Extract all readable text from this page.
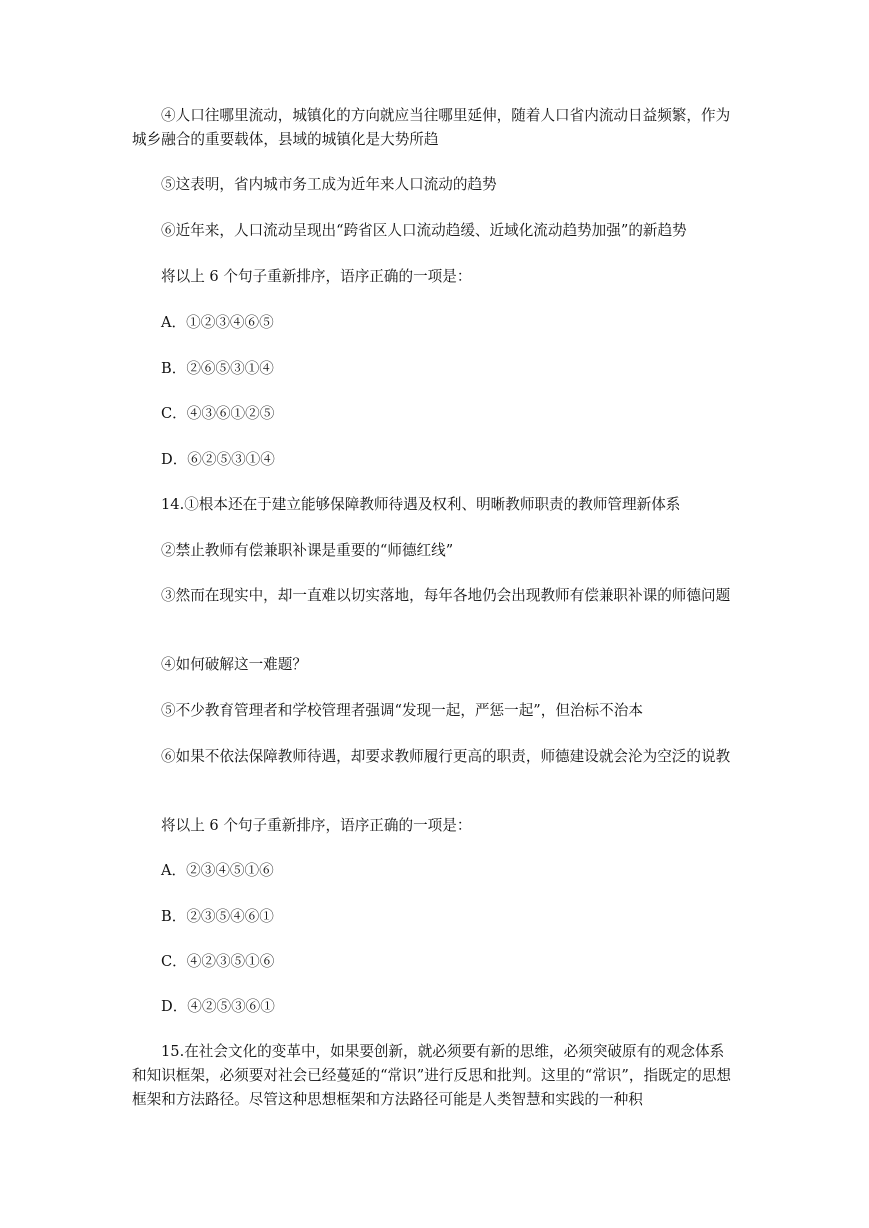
④人口往哪里流动，城镇化的方向就应当往哪里延伸，随着人口省内流动日益频繁，作为城乡融合的重要载体，县域的城镇化是大势所趋

⑤这表明，省内城市务工成为近年来人口流动的趋势

⑥近年来，人口流动呈现出“跨省区人口流动趋缓、近域化流动趋势加强”的新趋势

将以上 6 个句子重新排序，语序正确的一项是：

A．①②③④⑥⑤

B．②⑥⑤③①④

C．④③⑥①②⑤

D．⑥②⑤③①④

14.①根本还在于建立能够保障教师待遇及权利、明晰教师职责的教师管理新体系

②禁止教师有偿兼职补课是重要的“师德红线”

③然而在现实中，却一直难以切实落地，每年各地仍会出现教师有偿兼职补课的师德问题

④如何破解这一难题？

⑤不少教育管理者和学校管理者强调“发现一起，严惩一起”，但治标不治本

⑥如果不依法保障教师待遇，却要求教师履行更高的职责，师德建设就会沦为空泛的说教

将以上 6 个句子重新排序，语序正确的一项是：

A．②③④⑤①⑥

B．②③⑤④⑥①

C．④②③⑤①⑥

D．④②⑤③⑥①

15.在社会文化的变革中，如果要创新，就必须要有新的思维，必须突破原有的观念体系和知识框架，必须要对社会已经蔓延的“常识”进行反思和批判。这里的“常识”，指既定的思想框架和方法路径。尽管这种思想框架和方法路径可能是人类智慧和实践的一种积
